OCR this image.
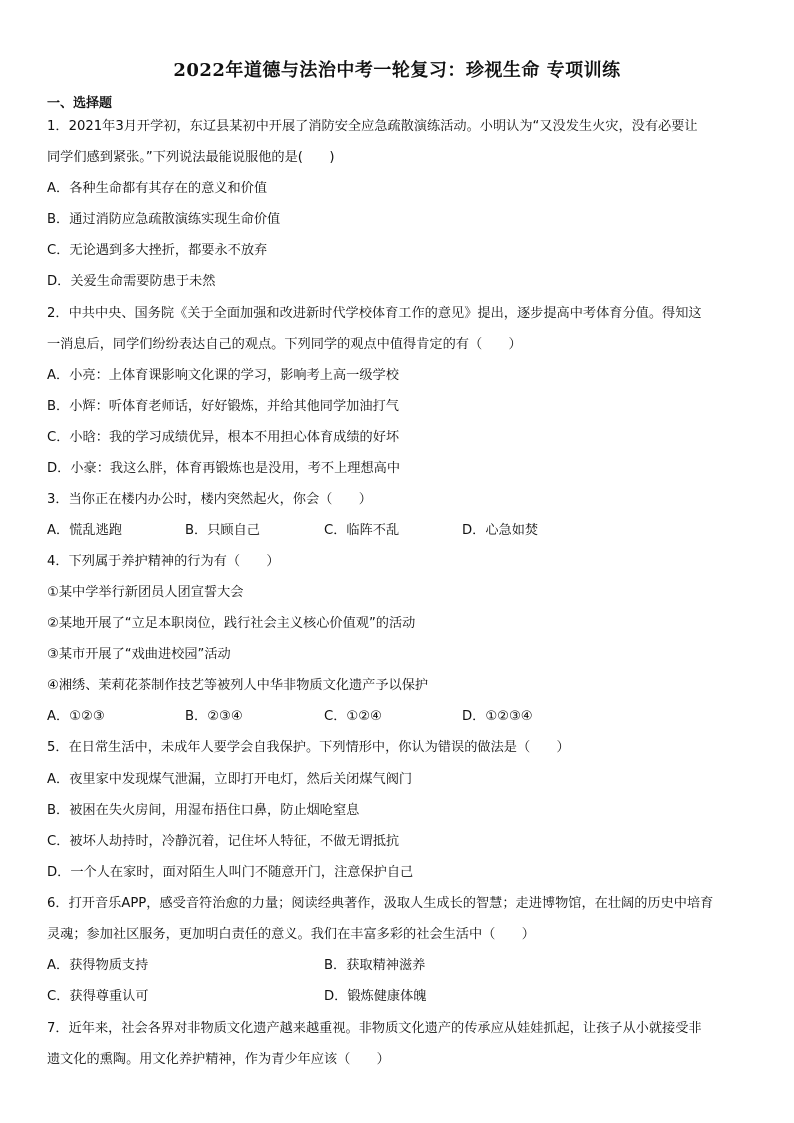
2022年道德与法治中考一轮复习：珍视生命 专项训练
一、选择题
1．2021年3月开学初，东辽县某初中开展了消防安全应急疏散演练活动。小明认为“又没发生火灾，没有必要让
同学们感到紧张。”下列说法最能说服他的是(　　)
A．各种生命都有其存在的意义和价值
B．通过消防应急疏散演练实现生命价值
C．无论遇到多大挫折，都要永不放弃
D．关爱生命需要防患于未然
2．中共中央、国务院《关于全面加强和改进新时代学校体育工作的意见》提出，逐步提高中考体育分值。得知这
一消息后，同学们纷纷表达自己的观点。下列同学的观点中值得肯定的有（　　）
A．小亮：上体育课影响文化课的学习，影响考上高一级学校
B．小辉：听体育老师话，好好锻炼，并给其他同学加油打气
C．小晗：我的学习成绩优异，根本不用担心体育成绩的好坏
D．小豪：我这么胖，体育再锻炼也是没用，考不上理想高中
3．当你正在楼内办公时，楼内突然起火，你会（　　）
A．慌乱逃跑	B．只顾自己	C．临阵不乱	D．心急如焚
4．下列属于养护精神的行为有（　　）
①某中学举行新团员人团宣誓大会
②某地开展了“立足本职岗位，践行社会主义核心价值观”的活动
③某市开展了“戏曲进校园”活动
④湘绣、茉莉花茶制作技艺等被列人中华非物质文化遗产予以保护
A．①②③	B．②③④	C．①②④	D．①②③④
5．在日常生活中，未成年人要学会自我保护。下列情形中，你认为错误的做法是（　　）
A．夜里家中发现煤气泄漏，立即打开电灯，然后关闭煤气阀门
B．被困在失火房间，用湿布捂住口鼻，防止烟呛窒息
C．被坏人劫持时，冷静沉着，记住坏人特征，不做无谓抵抗
D．一个人在家时，面对陌生人叫门不随意开门，注意保护自己
6．打开音乐APP，感受音符治愈的力量；阅读经典著作，汲取人生成长的智慧；走进博物馆，在壮阔的历史中培育
灵魂；参加社区服务，更加明白责任的意义。我们在丰富多彩的社会生活中（　　）
A．获得物质支持	B．获取精神滋养
C．获得尊重认可	D．锻炼健康体魄
7．近年来，社会各界对非物质文化遗产越来越重视。非物质文化遗产的传承应从娃娃抓起，让孩子从小就接受非
遗文化的熏陶。用文化养护精神，作为青少年应该（　　）
